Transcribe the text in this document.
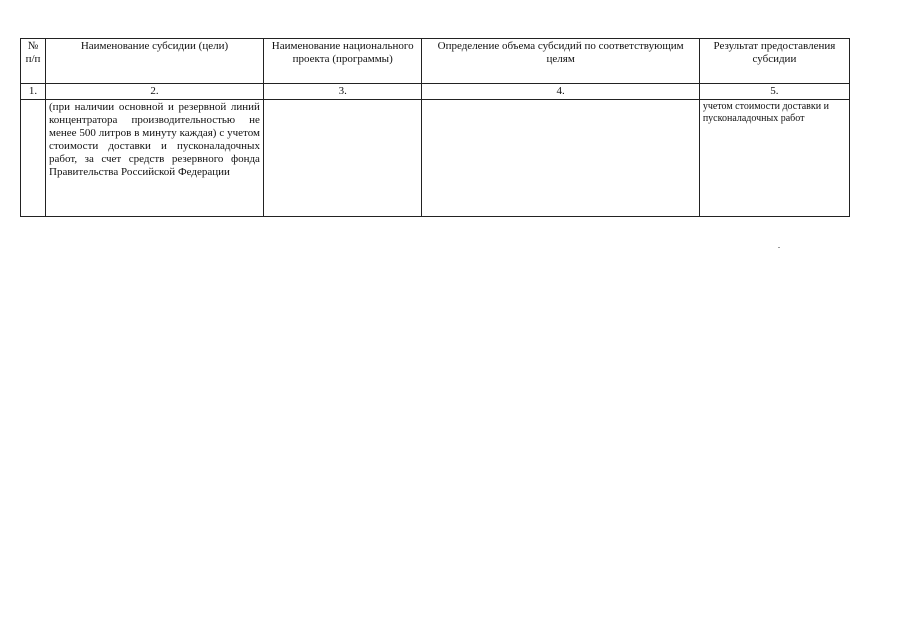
№ п/п	Наименование субсидии (цели)	Наименование национального проекта (программы)	Определение объема субсидий по соответствующим целям	Результат предоставления субсидии
1.	2.	3.	4.	5.
	(при наличии основной и резервной линий концентратора производительностью не менее 500 литров в минуту каждая) с учетом стоимости доставки и пусконаладочных работ, за счет средств резервного фонда Правительства Российской Федерации			учетом стоимости доставки и пусконаладочных работ
